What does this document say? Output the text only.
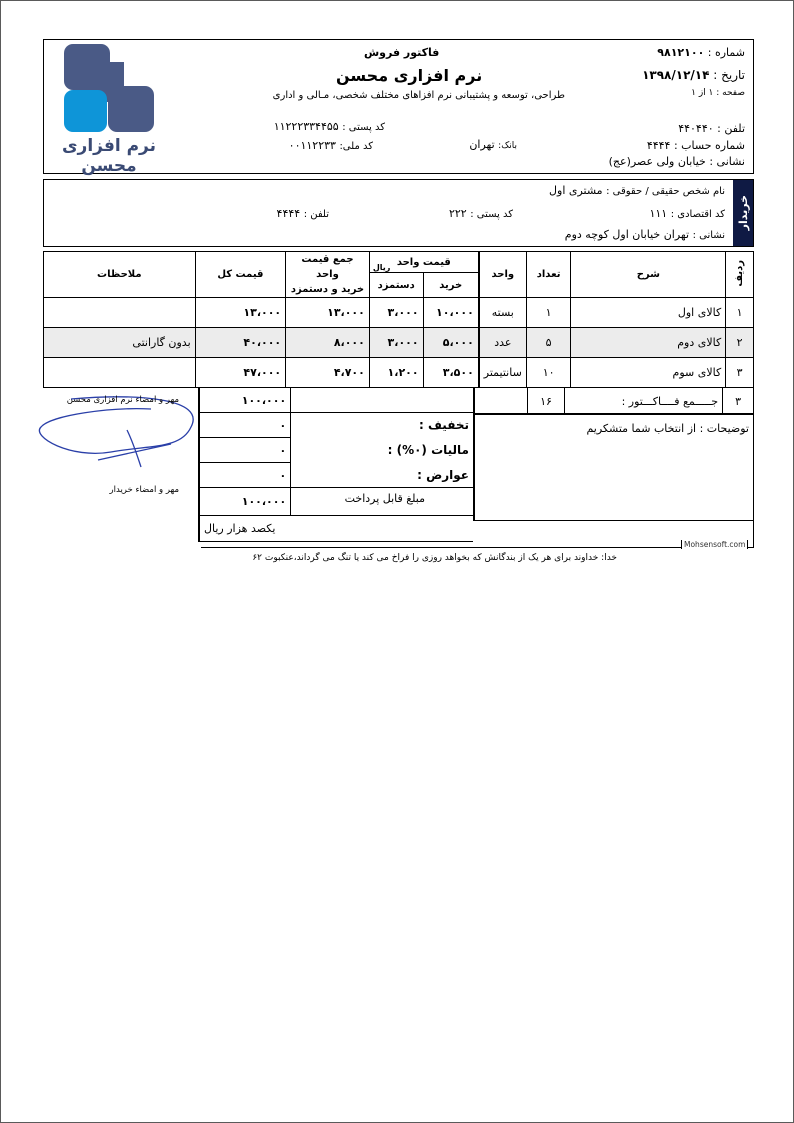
نرم افزاری محسن
فاکتور فروش
نرم افزاری محسن
طراحی، توسعه و پشتیبانی نرم افزاهای مختلف شخصی، مـالی و اداری
شماره : ۹۸۱۲۱۰۰
تاریخ : ۱۳۹۸/۱۲/۱۴
صفحه : ۱ از ۱
تلفن : ۴۴۰۴۴۰
شماره حساب : ۴۴۴۴
نشانی : خیابان ولی عصر(عج)
کد پستی : ۱۱۲۲۲۳۳۴۴۵۵
کد ملی: ۰۰۱۱۲۲۳۳	بانک: تهران
خریدار
نام شخص حقیقی / حقوقی : مشتری اول
کد اقتصادی : ۱۱۱
کد پستی : ۲۲۲
تلفن : ۴۴۴۴
نشانی : تهران خیابان اول کوچه دوم
ملاحظات	قیمت کل	
جمع قیمت واحد
خرید و دستمزد
	قیمت واحد
ریال
	واحد	تعداد	شرح	ردیف
			دستمزد	خرید				
	۱۳،۰۰۰	۱۳،۰۰۰	۳،۰۰۰	۱۰،۰۰۰	بسته	۱	کالای اول	۱
بدون گارانتی	۴۰،۰۰۰	۸،۰۰۰	۳،۰۰۰	۵،۰۰۰	عدد	۵	کالای دوم	۲
	۴۷،۰۰۰	۴،۷۰۰	۱،۲۰۰	۳،۵۰۰	سانتیمتر	۱۰	کالای سوم	۳
مهر و امضاء نرم افزاری محسن
مهر و امضاء خریدار
۱۰۰،۰۰۰	
۰	تخفیف :
۰	مالیات (۰%) :
۰	عوارض :
۱۰۰،۰۰۰	مبلغ قابل پرداخت

یکصد هزار ریال	
	۱۶	جـــــمع فــــاکـــتور :	۳
توضیحات : از انتخاب شما متشکریم
Mohsensoft.com
خدا: خداوند برای هر یک از بندگانش که بخواهد روزی را فراخ می کند یا تنگ می گرداند،عنکبوت ۶۲
